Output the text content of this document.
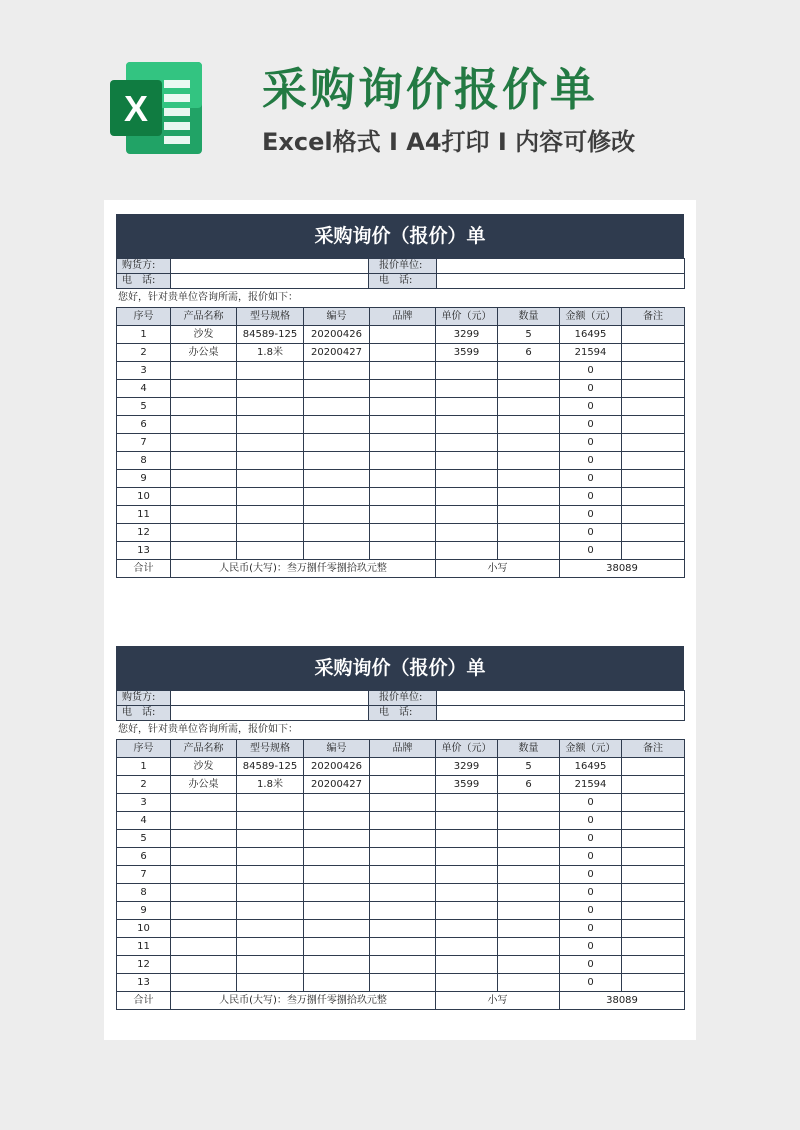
X	采购询价报价单
Excel格式 I A4打印 I 内容可修改
采购询价（报价）单
购货方:		报价单位:	
电　话:		电　话:	
您好，针对贵单位咨询所需，报价如下：
序号	产品名称	型号规格	编号	品牌	单价（元）	数量	金额（元）	备注
1	沙发	84589-125	20200426		3299	5	16495	
2	办公桌	1.8米	20200427		3599	6	21594	
3							0	
4							0	
5							0	
6							0	
7							0	
8							0	
9							0	
10							0	
11							0	
12							0	
13							0	
合计	人民币(大写)：叁万捌仟零捌拾玖元整				小写		38089	
采购询价（报价）单
购货方:		报价单位:	
电　话:		电　话:	
您好，针对贵单位咨询所需，报价如下：
序号	产品名称	型号规格	编号	品牌	单价（元）	数量	金额（元）	备注
1	沙发	84589-125	20200426		3299	5	16495	
2	办公桌	1.8米	20200427		3599	6	21594	
3							0	
4							0	
5							0	
6							0	
7							0	
8							0	
9							0	
10							0	
11							0	
12							0	
13							0	
合计	人民币(大写)：叁万捌仟零捌拾玖元整				小写		38089	
